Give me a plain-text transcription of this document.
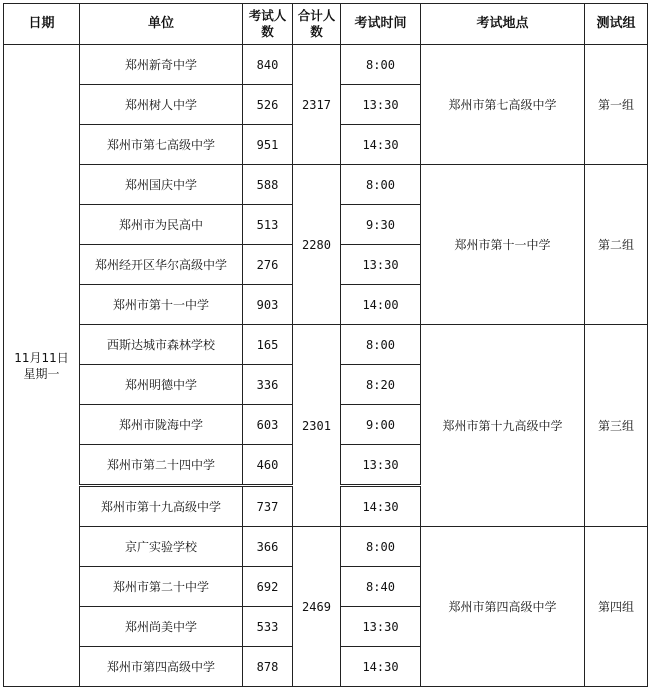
日期	单位	考试人数	合计人数	考试时间	考试地点	测试组

11月11日
星期一	郑州新奇中学	840	2317	8:00	郑州市第七高级中学	第一组
	郑州树人中学	526		13:30		
	郑州市第七高级中学	951		14:30		
	郑州国庆中学	588	2280	8:00	郑州市第十一中学	第二组
	郑州市为民高中	513		9:30		
	郑州经开区华尔高级中学	276		13:30		
	郑州市第十一中学	903		14:00		
	西斯达城市森林学校	165	2301	8:00	郑州市第十九高级中学	第三组
	郑州明德中学	336		8:20		
	郑州市陇海中学	603		9:00		
	郑州市第二十四中学	460		13:30		
	郑州市第十九高级中学	737		14:30		
	京广实验学校	366	2469	8:00	郑州市第四高级中学	第四组
	郑州市第二十中学	692		8:40		
	郑州尚美中学	533		13:30		
	郑州市第四高级中学	878		14:30		
